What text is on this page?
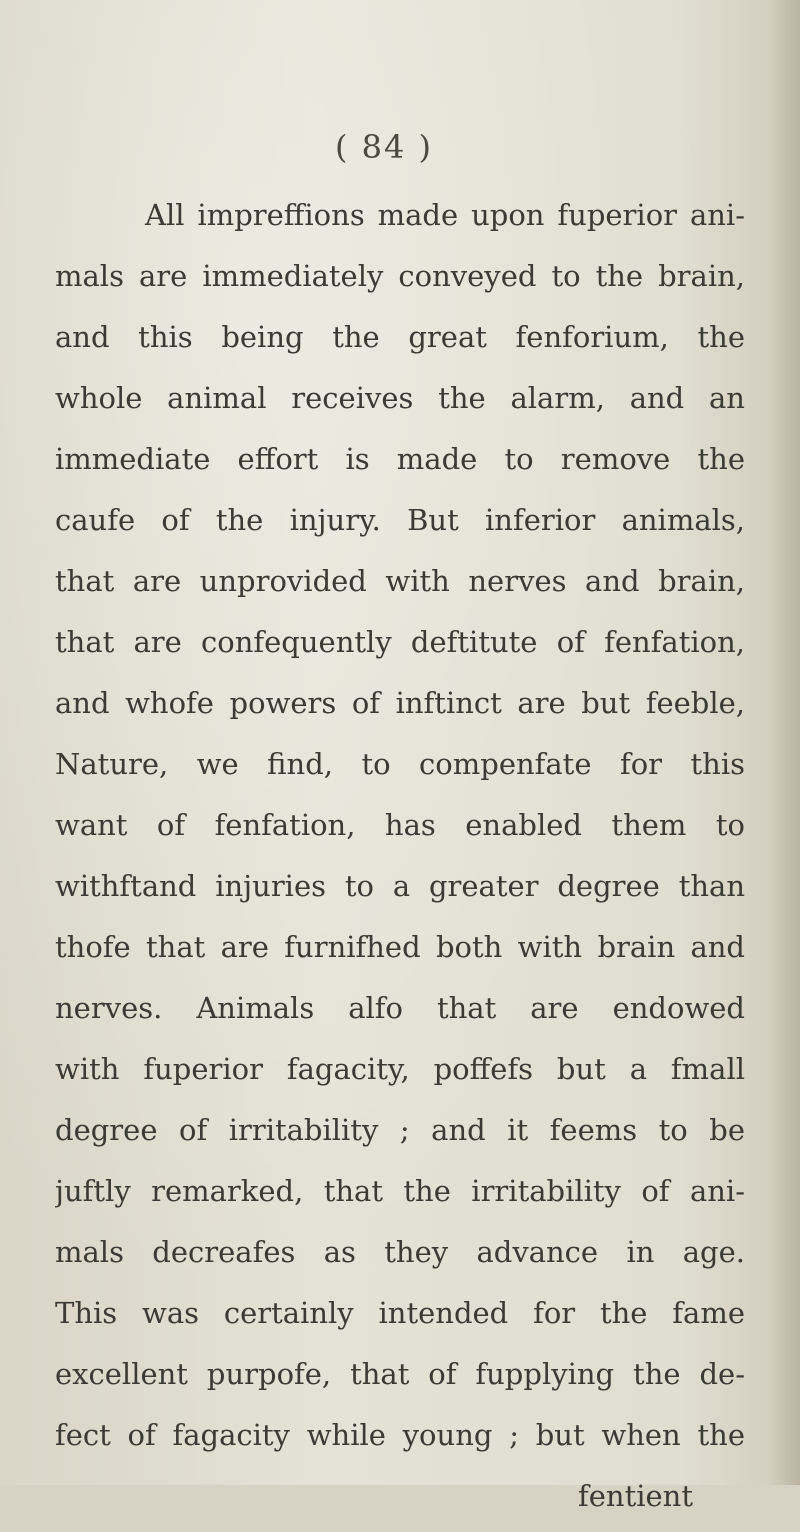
( 84 )
All impreffions made upon fuperior ani-
mals are immediately conveyed to the brain,
and this being the great fenforium, the
whole animal receives the alarm, and an
immediate effort is made to remove the
caufe of the injury. But inferior animals,
that are unprovided with nerves and brain,
that are confequently deftitute of fenfation,
and whofe powers of inftinct are but feeble,
Nature, we find, to compenfate for this
want of fenfation, has enabled them to
withftand injuries to a greater degree than
thofe that are furnifhed both with brain and
nerves. Animals alfo that are endowed
with fuperior fagacity, poffefs but a fmall
degree of irritability ; and it feems to be
juftly remarked, that the irritability of ani-
mals decreafes as they advance in age.
This was certainly intended for the fame
excellent purpofe, that of fupplying the de-
fect of fagacity while young ; but when the
fentient
